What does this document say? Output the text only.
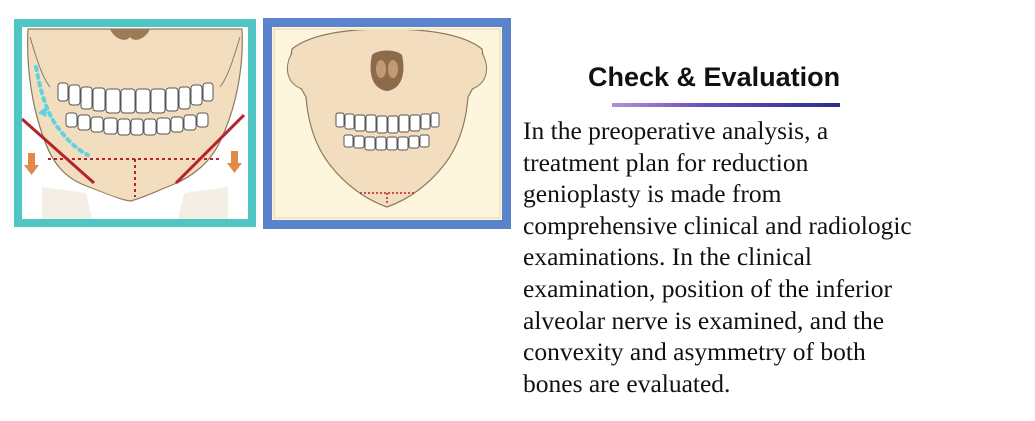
Check & Evaluation
In the preoperative analysis, a
treatment plan for reduction
genioplasty is made from
comprehensive clinical and radiologic
examinations. In the clinical
examination, position of the inferior
alveolar nerve is examined, and the
convexity and asymmetry of both
bones are evaluated.
